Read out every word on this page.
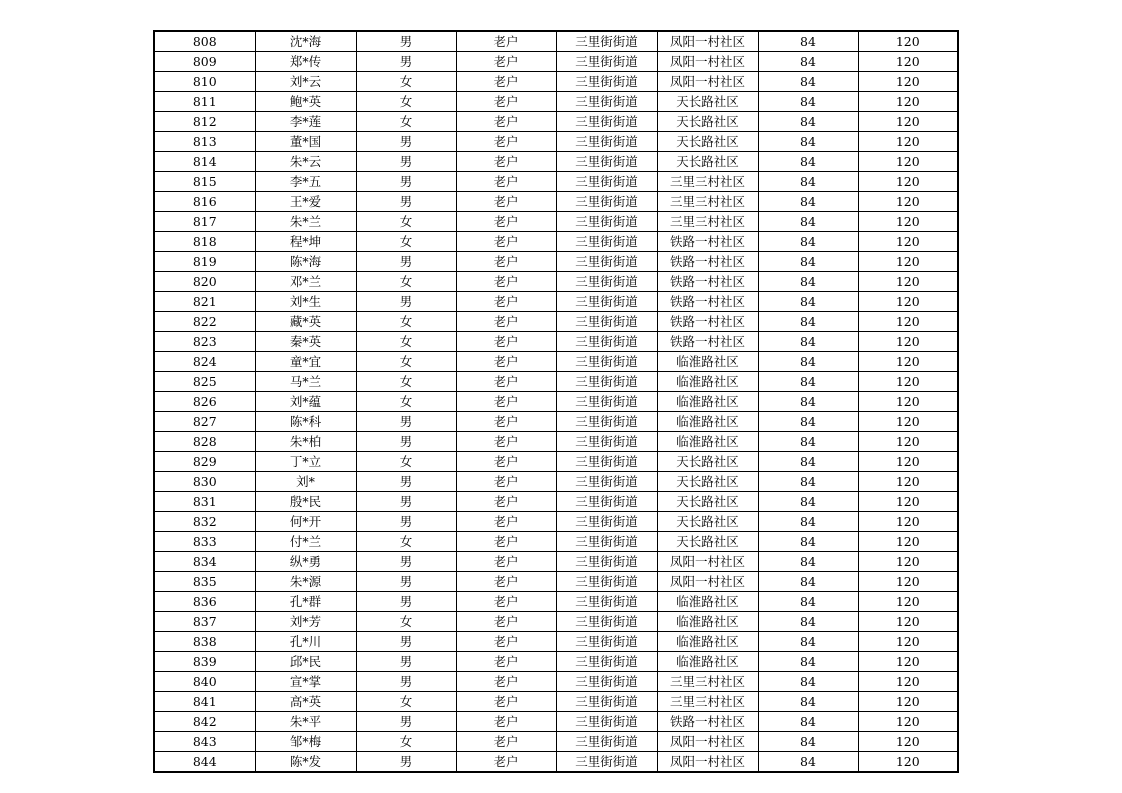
808	沈*海	男	老户	三里街街道	凤阳一村社区	84	120
809	郑*传	男	老户	三里街街道	凤阳一村社区	84	120
810	刘*云	女	老户	三里街街道	凤阳一村社区	84	120
811	鲍*英	女	老户	三里街街道	天长路社区	84	120
812	李*莲	女	老户	三里街街道	天长路社区	84	120
813	董*国	男	老户	三里街街道	天长路社区	84	120
814	朱*云	男	老户	三里街街道	天长路社区	84	120
815	李*五	男	老户	三里街街道	三里三村社区	84	120
816	王*爱	男	老户	三里街街道	三里三村社区	84	120
817	朱*兰	女	老户	三里街街道	三里三村社区	84	120
818	程*坤	女	老户	三里街街道	铁路一村社区	84	120
819	陈*海	男	老户	三里街街道	铁路一村社区	84	120
820	邓*兰	女	老户	三里街街道	铁路一村社区	84	120
821	刘*生	男	老户	三里街街道	铁路一村社区	84	120
822	藏*英	女	老户	三里街街道	铁路一村社区	84	120
823	秦*英	女	老户	三里街街道	铁路一村社区	84	120
824	童*宜	女	老户	三里街街道	临淮路社区	84	120
825	马*兰	女	老户	三里街街道	临淮路社区	84	120
826	刘*蕴	女	老户	三里街街道	临淮路社区	84	120
827	陈*科	男	老户	三里街街道	临淮路社区	84	120
828	朱*柏	男	老户	三里街街道	临淮路社区	84	120
829	丁*立	女	老户	三里街街道	天长路社区	84	120
830	刘*	男	老户	三里街街道	天长路社区	84	120
831	殷*民	男	老户	三里街街道	天长路社区	84	120
832	何*开	男	老户	三里街街道	天长路社区	84	120
833	付*兰	女	老户	三里街街道	天长路社区	84	120
834	纵*勇	男	老户	三里街街道	凤阳一村社区	84	120
835	朱*源	男	老户	三里街街道	凤阳一村社区	84	120
836	孔*群	男	老户	三里街街道	临淮路社区	84	120
837	刘*芳	女	老户	三里街街道	临淮路社区	84	120
838	孔*川	男	老户	三里街街道	临淮路社区	84	120
839	邱*民	男	老户	三里街街道	临淮路社区	84	120
840	宣*掌	男	老户	三里街街道	三里三村社区	84	120
841	高*英	女	老户	三里街街道	三里三村社区	84	120
842	朱*平	男	老户	三里街街道	铁路一村社区	84	120
843	邹*梅	女	老户	三里街街道	凤阳一村社区	84	120
844	陈*发	男	老户	三里街街道	凤阳一村社区	84	120
